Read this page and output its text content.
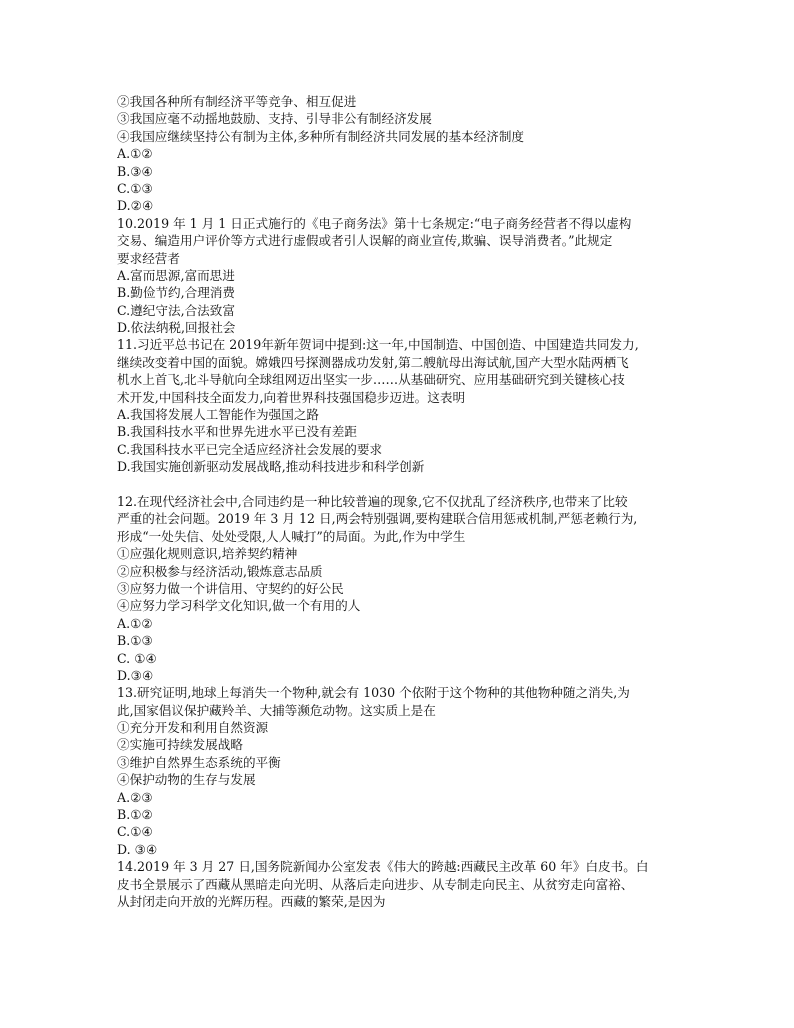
②我国各种所有制经济平等竞争、相互促进
③我国应毫不动摇地鼓励、支持、引导非公有制经济发展
④我国应继续坚持公有制为主体,多种所有制经济共同发展的基本经济制度
A.①②
B.③④
C.①③
D.②④
10.2019 年 1 月 1 日正式施行的《电子商务法》第十七条规定:“电子商务经营者不得以虚构
交易、编造用户评价等方式进行虚假或者引人误解的商业宣传,欺骗、误导消费者。”此规定
要求经营者
A.富而思源,富而思进
B.勤俭节约,合理消费
C.遵纪守法,合法致富
D.依法纳税,回报社会
11.习近平总书记在 2019年新年贺词中提到:这一年,中国制造、中国创造、中国建造共同发力,
继续改变着中国的面貌。嫦娥四号探测器成功发射,第二艘航母出海试航,国产大型水陆两栖飞
机水上首飞,北斗导航向全球组网迈出坚实一步……从基础研究、应用基础研究到关键核心技
术开发,中国科技全面发力,向着世界科技强国稳步迈进。这表明
A.我国将发展人工智能作为强国之路
B.我国科技水平和世界先进水平已没有差距
C.我国科技水平已完全适应经济社会发展的要求
D.我国实施创新驱动发展战略,推动科技进步和科学创新
12.在现代经济社会中,合同违约是一种比较普遍的现象,它不仅扰乱了经济秩序,也带来了比较
严重的社会问题。2019 年 3 月 12 日,两会特别强调,要构建联合信用惩戒机制,严惩老赖行为,
形成“一处失信、处处受限,人人喊打”的局面。为此,作为中学生
①应强化规则意识,培养契约精神
②应积极参与经济活动,锻炼意志品质
③应努力做一个讲信用、守契约的好公民
④应努力学习科学文化知识,做一个有用的人
A.①②
B.①③
C. ①④
D.③④
13.研究证明,地球上每消失一个物种,就会有 1030 个依附于这个物种的其他物种随之消失,为
此,国家倡议保护藏羚羊、大捕等濒危动物。这实质上是在
①充分开发和利用自然资源
②实施可持续发展战略
③维护自然界生态系统的平衡
④保护动物的生存与发展
A.②③
B.①②
C.①④
D. ③④
14.2019 年 3 月 27 日,国务院新闻办公室发表《伟大的跨越:西藏民主改革 60 年》白皮书。白
皮书全景展示了西藏从黑暗走向光明、从落后走向进步、从专制走向民主、从贫穷走向富裕、
从封闭走向开放的光辉历程。西藏的繁荣,是因为
